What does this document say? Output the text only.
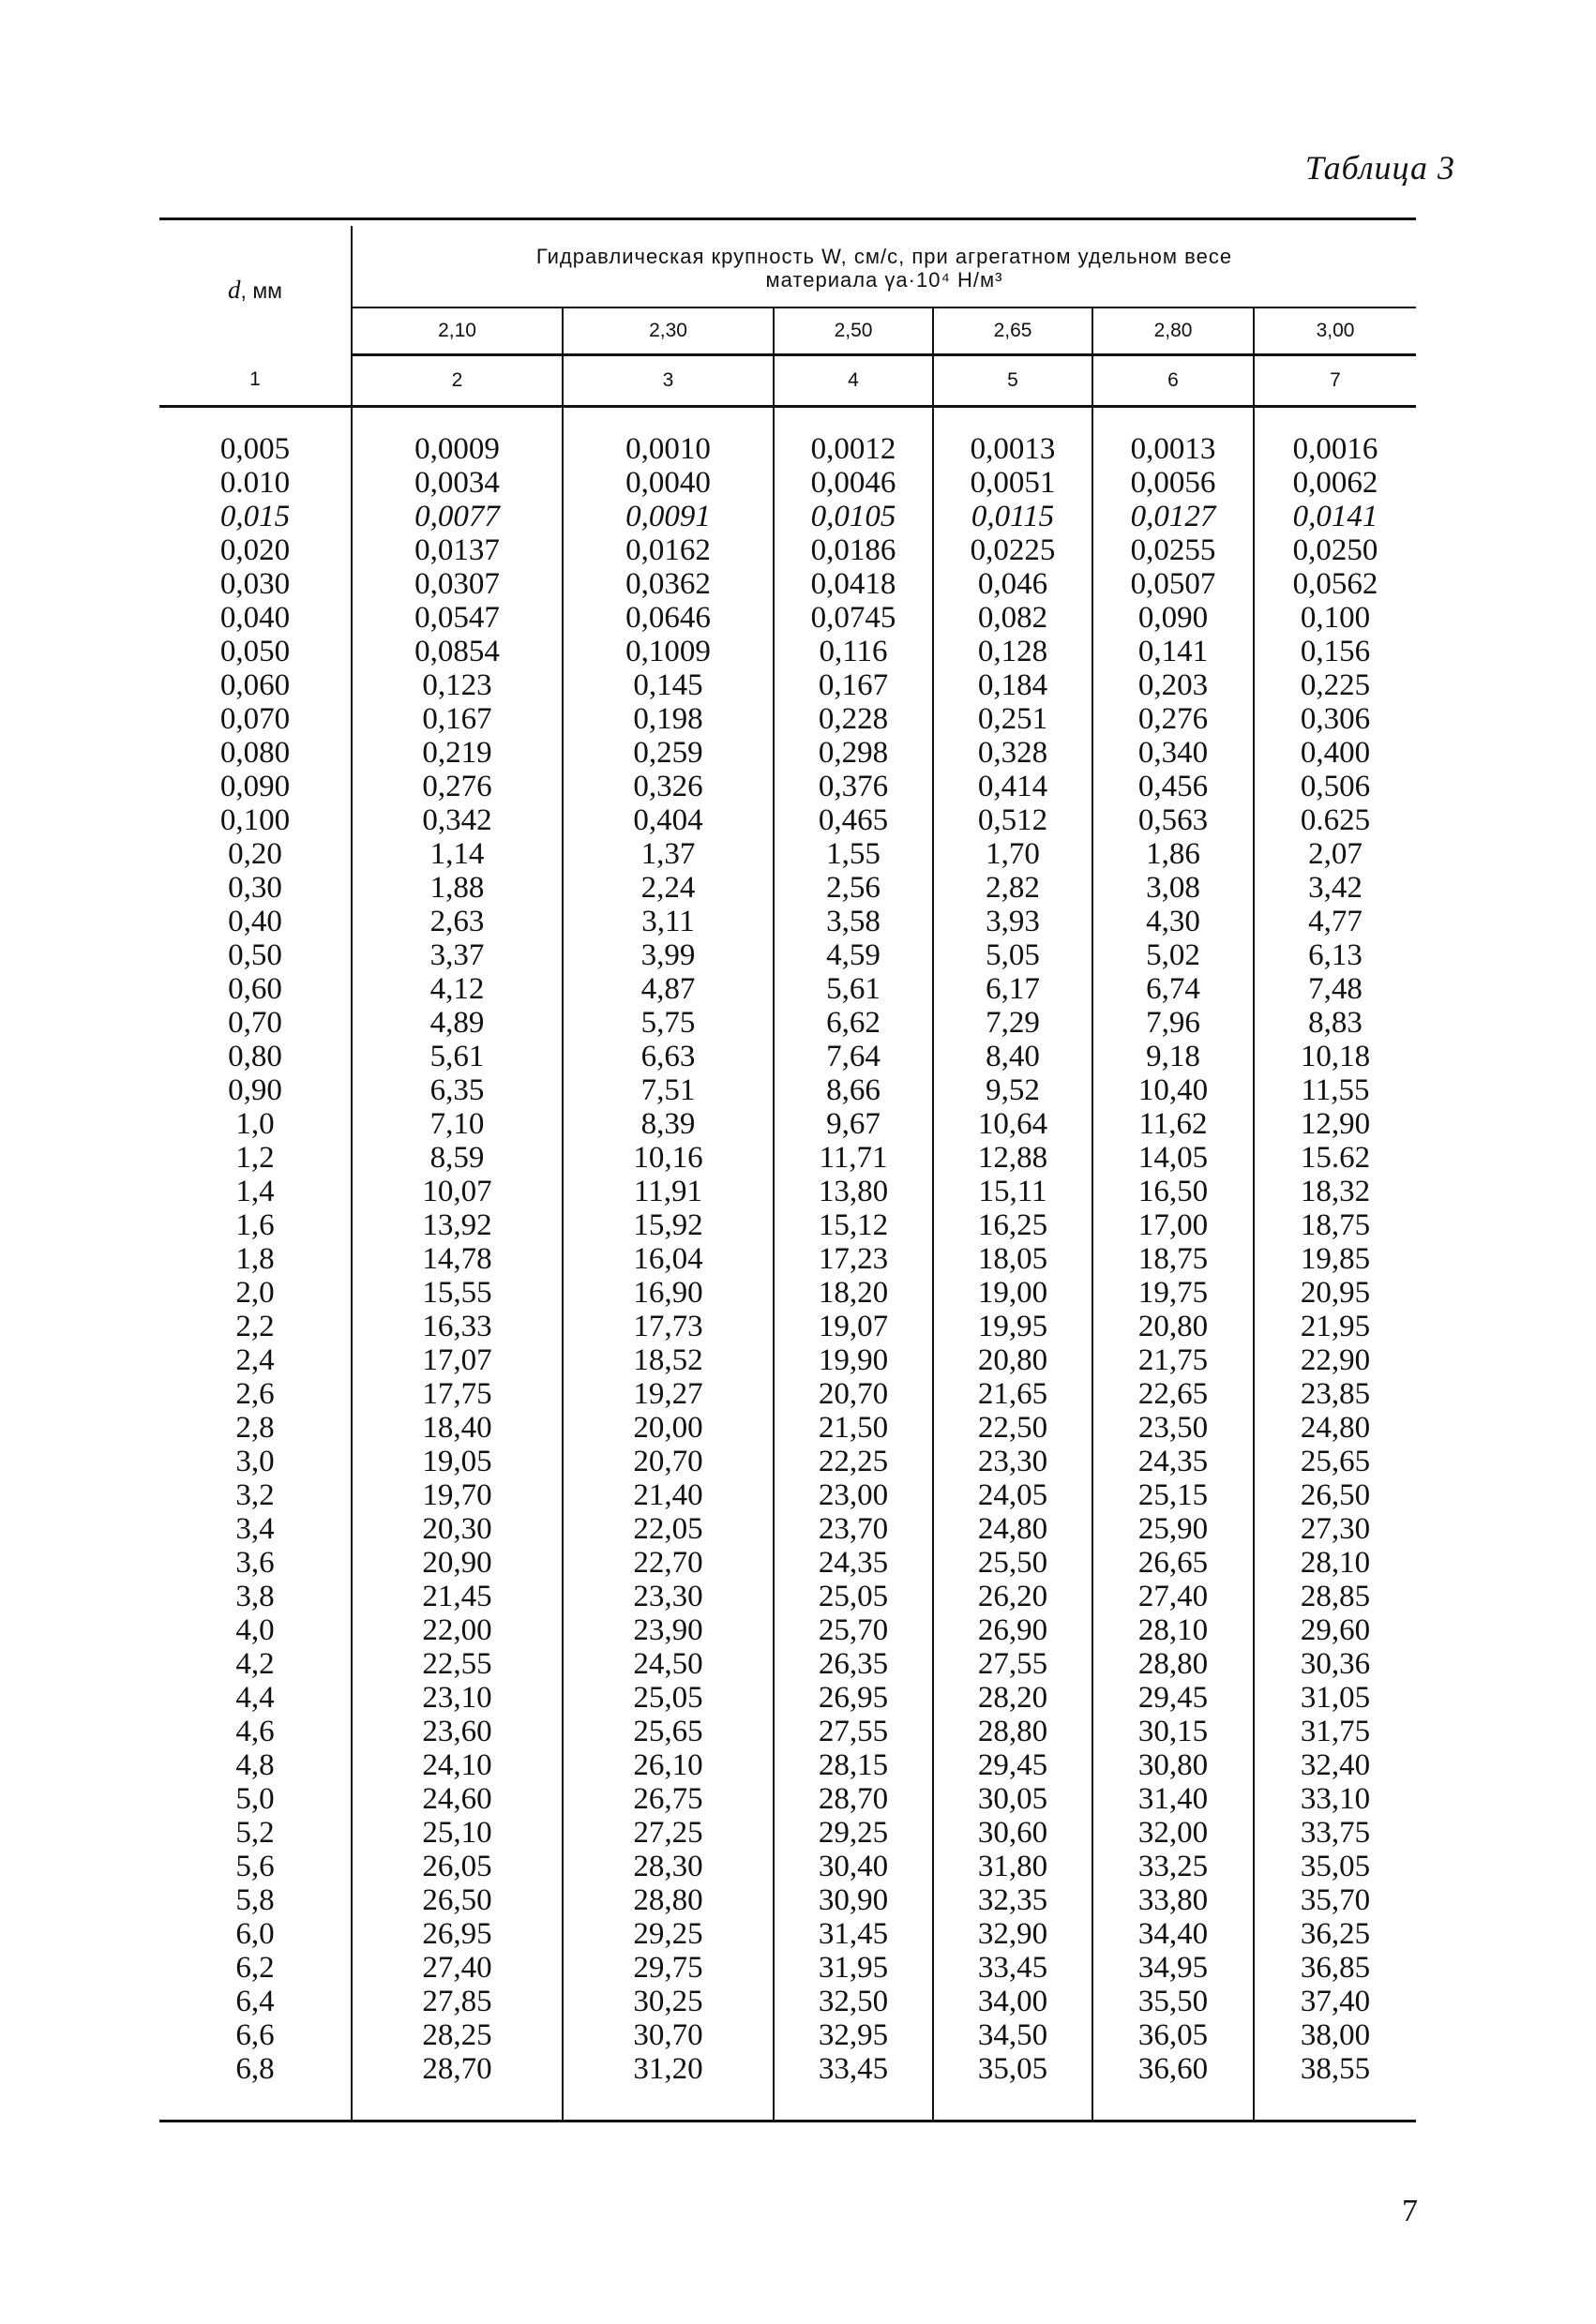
Таблица 3

d, мм	Гидравлическая крупность W, см/с, при агрегатном удельном весе
материала γа·10⁴ Н/м³					

	2,10	2,30	2,50	2,65	2,80	3,00
1	2	3	4	5	6	7

0,005	0,0009	0,0010	0,0012	0,0013	0,0013	0,0016
0.010	0,0034	0,0040	0,0046	0,0051	0,0056	0,0062
0,015	0,0077	0,0091	0,0105	0,0115	0,0127	0,0141
0,020	0,0137	0,0162	0,0186	0,0225	0,0255	0,0250
0,030	0,0307	0,0362	0,0418	0,046	0,0507	0,0562
0,040	0,0547	0,0646	0,0745	0,082	0,090	0,100
0,050	0,0854	0,1009	0,116	0,128	0,141	0,156
0,060	0,123	0,145	0,167	0,184	0,203	0,225
0,070	0,167	0,198	0,228	0,251	0,276	0,306
0,080	0,219	0,259	0,298	0,328	0,340	0,400
0,090	0,276	0,326	0,376	0,414	0,456	0,506
0,100	0,342	0,404	0,465	0,512	0,563	0.625
0,20	1,14	1,37	1,55	1,70	1,86	2,07
0,30	1,88	2,24	2,56	2,82	3,08	3,42
0,40	2,63	3,11	3,58	3,93	4,30	4,77
0,50	3,37	3,99	4,59	5,05	5,02	6,13
0,60	4,12	4,87	5,61	6,17	6,74	7,48
0,70	4,89	5,75	6,62	7,29	7,96	8,83
0,80	5,61	6,63	7,64	8,40	9,18	10,18
0,90	6,35	7,51	8,66	9,52	10,40	11,55
1,0	7,10	8,39	9,67	10,64	11,62	12,90
1,2	8,59	10,16	11,71	12,88	14,05	15.62
1,4	10,07	11,91	13,80	15,11	16,50	18,32
1,6	13,92	15,92	15,12	16,25	17,00	18,75
1,8	14,78	16,04	17,23	18,05	18,75	19,85
2,0	15,55	16,90	18,20	19,00	19,75	20,95
2,2	16,33	17,73	19,07	19,95	20,80	21,95
2,4	17,07	18,52	19,90	20,80	21,75	22,90
2,6	17,75	19,27	20,70	21,65	22,65	23,85
2,8	18,40	20,00	21,50	22,50	23,50	24,80
3,0	19,05	20,70	22,25	23,30	24,35	25,65
3,2	19,70	21,40	23,00	24,05	25,15	26,50
3,4	20,30	22,05	23,70	24,80	25,90	27,30
3,6	20,90	22,70	24,35	25,50	26,65	28,10
3,8	21,45	23,30	25,05	26,20	27,40	28,85
4,0	22,00	23,90	25,70	26,90	28,10	29,60
4,2	22,55	24,50	26,35	27,55	28,80	30,36
4,4	23,10	25,05	26,95	28,20	29,45	31,05
4,6	23,60	25,65	27,55	28,80	30,15	31,75
4,8	24,10	26,10	28,15	29,45	30,80	32,40
5,0	24,60	26,75	28,70	30,05	31,40	33,10
5,2	25,10	27,25	29,25	30,60	32,00	33,75
5,6	26,05	28,30	30,40	31,80	33,25	35,05
5,8	26,50	28,80	30,90	32,35	33,80	35,70
6,0	26,95	29,25	31,45	32,90	34,40	36,25
6,2	27,40	29,75	31,95	33,45	34,95	36,85
6,4	27,85	30,25	32,50	34,00	35,50	37,40
6,6	28,25	30,70	32,95	34,50	36,05	38,00
6,8	28,70	31,20	33,45	35,05	36,60	38,55

7
